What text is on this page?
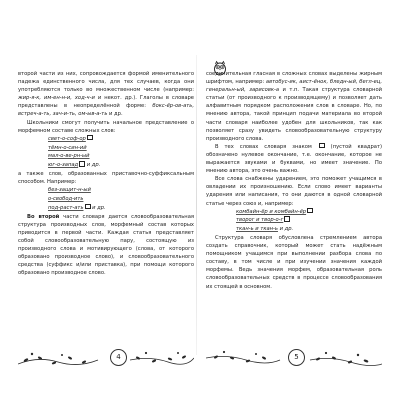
второй части из них, сопровождается формой именительного падежа единственного числа, для тех случаев, когда они употребляются только во множественном числе (например: жир-я-к, им-ен-н-и, ход-ч-и и некот. др.). Глаголы в словаре представлены в неопределённой форме: бокс-ёр-ов-ать, встреч-а-ть, зач-и-ть, ом-ыв-а-ть и др.

Школьники смогут получить начальное представление о морфемном составе сложных слов:

свет-о-соф-ор
тёмн-о-син-ий
мал-о-ве-рн-ый
юг-о-запад и др.

а также слов, образованных приставочно-суффиксальным способом. Например:

без-защит-н-ый
о-свобод-ить
под-раст-ать и др.

Во второй части словаря дается словообразовательная структура производных слов, морфемный состав которых приводится в первой части. Каждая статья представляет собой словообразовательную пару, состоящую из производного слова и мотивирующего (слова, от которого образовано производное слово), и словообразовательного средства (суффикс и/или приставка), при помощи которого образовано производное слово.

соединительная гласная в сложных словах выделены жирным шрифтом, например: автобус-ик, аист-ёнок, бледн-ый, бегл-ец, генеральн-ый, зарисовк-а и т.п. Такая структура словарной статьи (от производного к производящему) и позволяет дать алфавитным порядком расположения слов в словаре. Но, по мнению автора, такой принцип подачи материала во второй части словаря наиболее удобен для школьников, так как позволяет сразу увидеть словообразовательную структуру производного слова.

В тех словах словаря знаком  (пустой квадрат) обозначено нулевое окончание, т.е. окончание, которое не выражается звуками и буквами, но имеет значение. По мнению автора, это очень важно.

Все слова снабжены ударением, это поможет учащимся в овладении их произношению. Если слово имеет варианты ударения или написания, то они даются в одной словарной статье через союз и, например:

комбайн-ёр и комбайн-ёр
творог и твор-о-г
ткан-ь и ткан-ь и др.

Структура словаря обусловлена стремлением автора создать справочник, который может стать надёжным помощником учащимся при выполнении разбора слова по составу, в том числе и при изучении значения каждой морфемы. Ведь значения морфем, образовательная роль словообразовательных средств в процессе словообразования их стоящей в основном.

4	5
